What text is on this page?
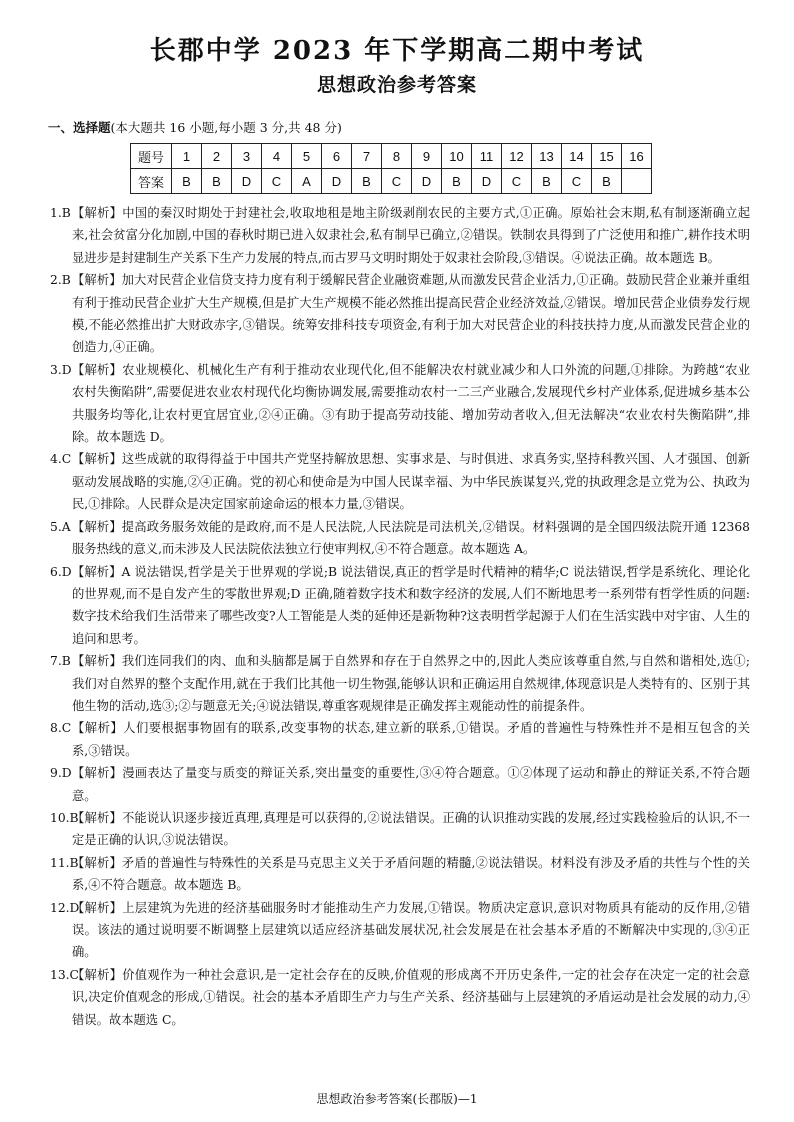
长郡中学 2023 年下学期高二期中考试
思想政治参考答案
一、选择题(本大题共 16 小题,每小题 3 分,共 48 分)
题号	1	2	3	4	5	6	7	8	9	10	11	12	13	14	15	16
答案	B	B	D	C	A	D	B	C	D	B	D	C	B	C	B	
1.B 【解析】中国的秦汉时期处于封建社会,收取地租是地主阶级剥削农民的主要方式,①正确。原始社会末期,私有制逐渐确立起来,社会贫富分化加剧,中国的春秋时期已进入奴隶社会,私有制早已确立,②错误。铁制农具得到了广泛使用和推广,耕作技术明显进步是封建制生产关系下生产力发展的特点,而古罗马文明时期处于奴隶社会阶段,③错误。④说法正确。故本题选 B。
2.B 【解析】加大对民营企业信贷支持力度有利于缓解民营企业融资难题,从而激发民营企业活力,①正确。鼓励民营企业兼并重组有利于推动民营企业扩大生产规模,但是扩大生产规模不能必然推出提高民营企业经济效益,②错误。增加民营企业债券发行规模,不能必然推出扩大财政赤字,③错误。统筹安排科技专项资金,有利于加大对民营企业的科技扶持力度,从而激发民营企业的创造力,④正确。
3.D 【解析】农业规模化、机械化生产有利于推动农业现代化,但不能解决农村就业减少和人口外流的问题,①排除。为跨越“农业农村失衡陷阱”,需要促进农业农村现代化均衡协调发展,需要推动农村一二三产业融合,发展现代乡村产业体系,促进城乡基本公共服务均等化,让农村更宜居宜业,②④正确。③有助于提高劳动技能、增加劳动者收入,但无法解决“农业农村失衡陷阱”,排除。故本题选 D。
4.C 【解析】这些成就的取得得益于中国共产党坚持解放思想、实事求是、与时俱进、求真务实,坚持科教兴国、人才强国、创新驱动发展战略的实施,②④正确。党的初心和使命是为中国人民谋幸福、为中华民族谋复兴,党的执政理念是立党为公、执政为民,①排除。人民群众是决定国家前途命运的根本力量,③错误。
5.A 【解析】提高政务服务效能的是政府,而不是人民法院,人民法院是司法机关,②错误。材料强调的是全国四级法院开通 12368 服务热线的意义,而未涉及人民法院依法独立行使审判权,④不符合题意。故本题选 A。
6.D 【解析】A 说法错误,哲学是关于世界观的学说;B 说法错误,真正的哲学是时代精神的精华;C 说法错误,哲学是系统化、理论化的世界观,而不是自发产生的零散世界观;D 正确,随着数字技术和数字经济的发展,人们不断地思考一系列带有哲学性质的问题:数字技术给我们生活带来了哪些改变?人工智能是人类的延伸还是新物种?这表明哲学起源于人们在生活实践中对宇宙、人生的追问和思考。
7.B 【解析】我们连同我们的肉、血和头脑都是属于自然界和存在于自然界之中的,因此人类应该尊重自然,与自然和谐相处,选①;我们对自然界的整个支配作用,就在于我们比其他一切生物强,能够认识和正确运用自然规律,体现意识是人类特有的、区别于其他生物的活动,选③;②与题意无关;④说法错误,尊重客观规律是正确发挥主观能动性的前提条件。
8.C 【解析】人们要根据事物固有的联系,改变事物的状态,建立新的联系,①错误。矛盾的普遍性与特殊性并不是相互包含的关系,③错误。
9.D 【解析】漫画表达了量变与质变的辩证关系,突出量变的重要性,③④符合题意。①②体现了运动和静止的辩证关系,不符合题意。
10.B
【解析】不能说认识逐步接近真理,真理是可以获得的,②说法错误。正确的认识推动实践的发展,经过实践检验后的认识,不一定是正确的认识,③说法错误。
11.B
【解析】矛盾的普遍性与特殊性的关系是马克思主义关于矛盾问题的精髓,②说法错误。材料没有涉及矛盾的共性与个性的关系,④不符合题意。故本题选 B。
12.D
【解析】上层建筑为先进的经济基础服务时才能推动生产力发展,①错误。物质决定意识,意识对物质具有能动的反作用,②错误。该法的通过说明要不断调整上层建筑以适应经济基础发展状况,社会发展是在社会基本矛盾的不断解决中实现的,③④正确。
13.C
【解析】价值观作为一种社会意识,是一定社会存在的反映,价值观的形成离不开历史条件,一定的社会存在决定一定的社会意识,决定价值观念的形成,①错误。社会的基本矛盾即生产力与生产关系、经济基础与上层建筑的矛盾运动是社会发展的动力,④错误。故本题选 C。
思想政治参考答案(长郡版)—1
